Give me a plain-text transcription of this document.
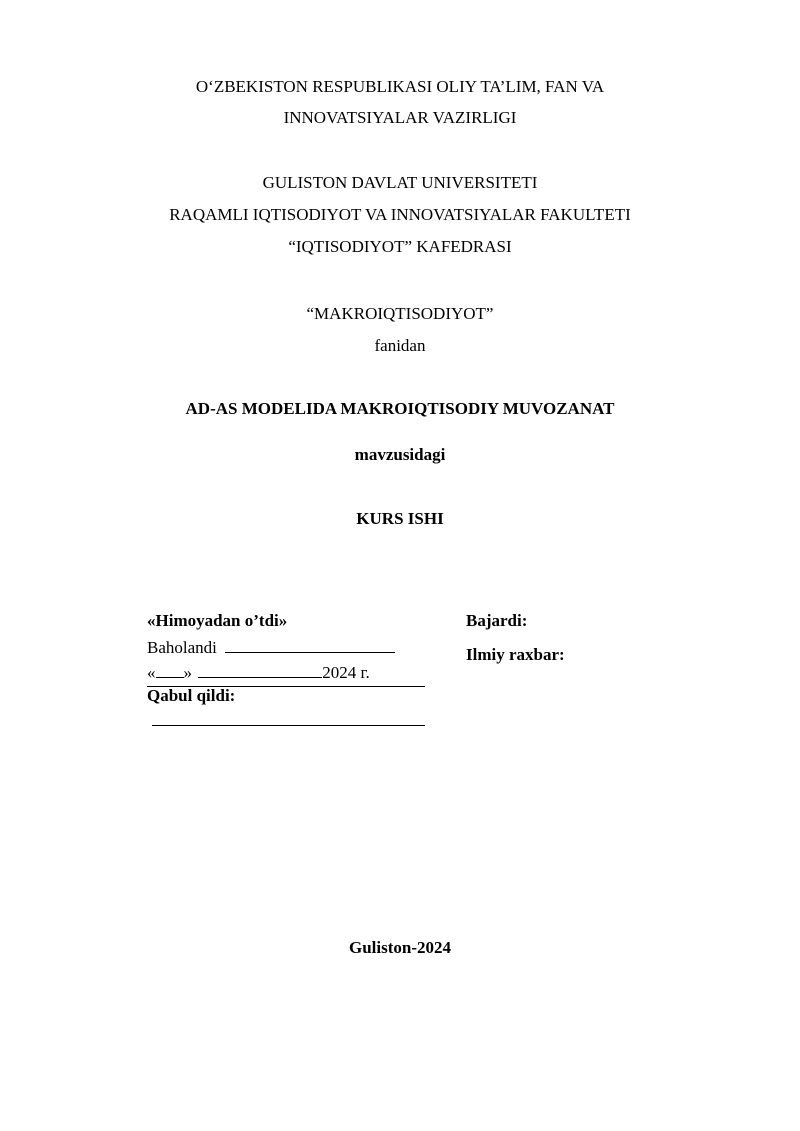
O‘ZBEKISTON RESPUBLIKASI OLIY TA’LIM, FAN VA
INNOVATSIYALAR VAZIRLIGI
GULISTON DAVLAT UNIVERSITETI
RAQAMLI IQTISODIYOT VA INNOVATSIYALAR FAKULTETI
“IQTISODIYOT” KAFEDRASI
“MAKROIQTISODIYOT”
fanidan
AD-AS MODELIDA MAKROIQTISODIY MUVOZANAT
mavzusidagi
KURS ISHI
«Himoyadan o’tdi»
Baholandi
« »	2024 г.
Qabul qildi:
Bajardi:
Ilmiy raxbar:
Guliston-2024
